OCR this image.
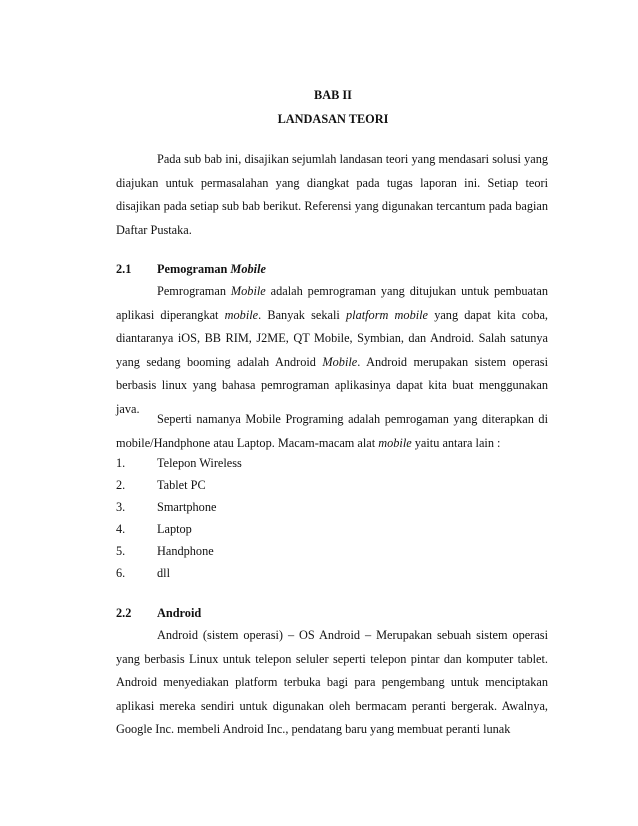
BAB II
LANDASAN TEORI
Pada sub bab ini, disajikan sejumlah landasan teori yang mendasari solusi yang diajukan untuk permasalahan yang diangkat pada tugas laporan ini. Setiap teori disajikan pada setiap sub bab berikut. Referensi yang digunakan tercantum pada bagian Daftar Pustaka.
2.1 Pemograman Mobile
Pemrograman Mobile adalah pemrograman yang ditujukan untuk pembuatan aplikasi diperangkat mobile. Banyak sekali platform mobile yang dapat kita coba, diantaranya iOS, BB RIM, J2ME, QT Mobile, Symbian, dan Android. Salah satunya yang sedang booming adalah Android Mobile. Android merupakan sistem operasi berbasis linux yang bahasa pemrograman aplikasinya dapat kita buat menggunakan java.
Seperti namanya Mobile Programing adalah pemrogaman yang diterapkan di mobile/Handphone atau Laptop. Macam-macam alat mobile yaitu antara lain :
1.	Telepon Wireless
2.	Tablet PC
3.	Smartphone
4.	Laptop
5.	Handphone
6.	dll
2.2 Android
Android (sistem operasi) – OS Android – Merupakan sebuah sistem operasi yang berbasis Linux untuk telepon seluler seperti telepon pintar dan komputer tablet. Android menyediakan platform terbuka bagi para pengembang untuk menciptakan aplikasi mereka sendiri untuk digunakan oleh bermacam peranti bergerak. Awalnya, Google Inc. membeli Android Inc., pendatang baru yang membuat peranti lunak
